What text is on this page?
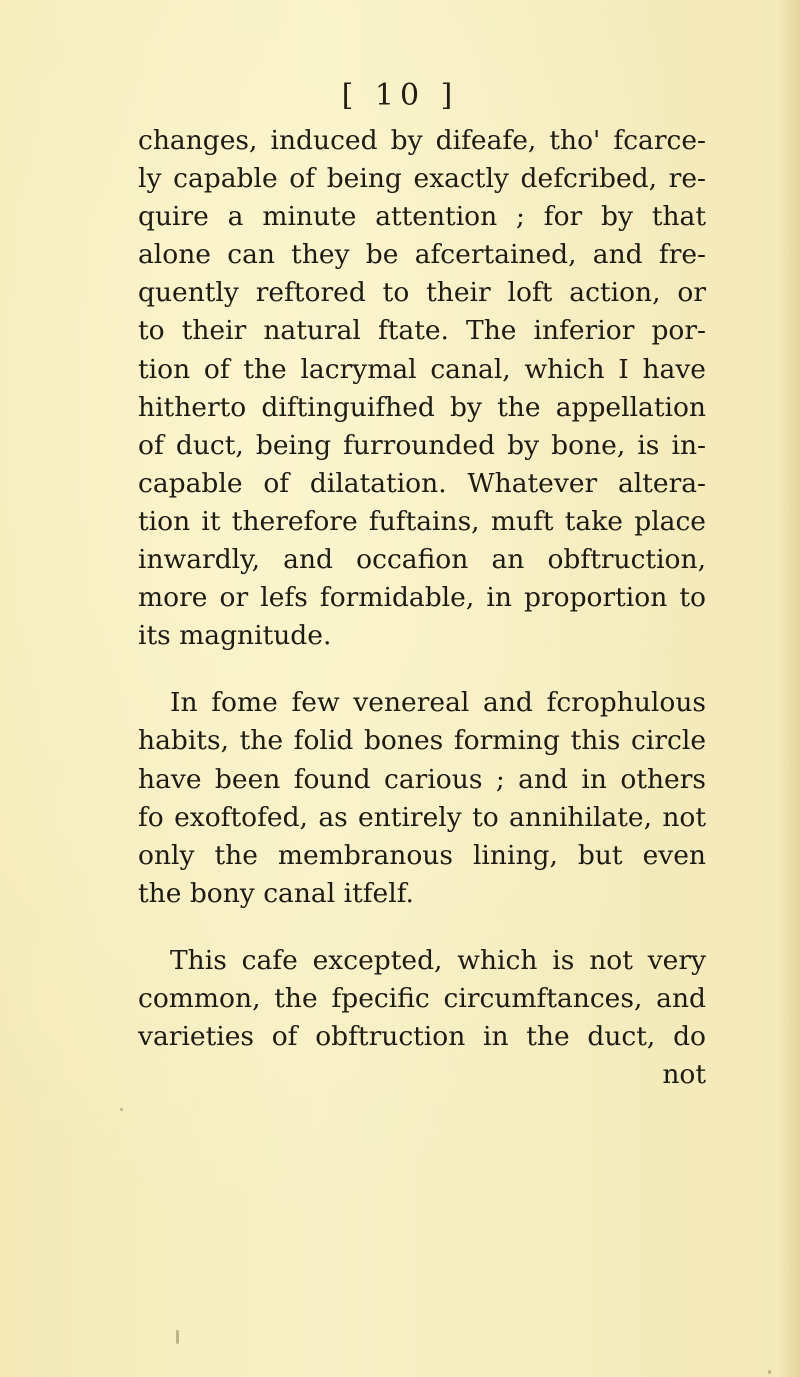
[ 10 ]
changes, induced by difeafe, tho' fcarce-
ly capable of being exactly defcribed, re-
quire a minute attention ; for by that
alone can they be afcertained, and fre-
quently reftored to their loft action, or
to their natural ftate. The inferior por-
tion of the lacrymal canal, which I have
hitherto diftinguifhed by the appellation
of duct, being furrounded by bone, is in-
capable of dilatation. Whatever altera-
tion it therefore fuftains, muft take place
inwardly, and occafion an obftruction,
more or lefs formidable, in proportion to
its magnitude.
In fome few venereal and fcrophulous
habits, the folid bones forming this circle
have been found carious ; and in others
fo exoftofed, as entirely to annihilate, not
only the membranous lining, but even
the bony canal itfelf.
This cafe excepted, which is not very
common, the fpecific circumftances, and
varieties of obftruction in the duct, do
not
